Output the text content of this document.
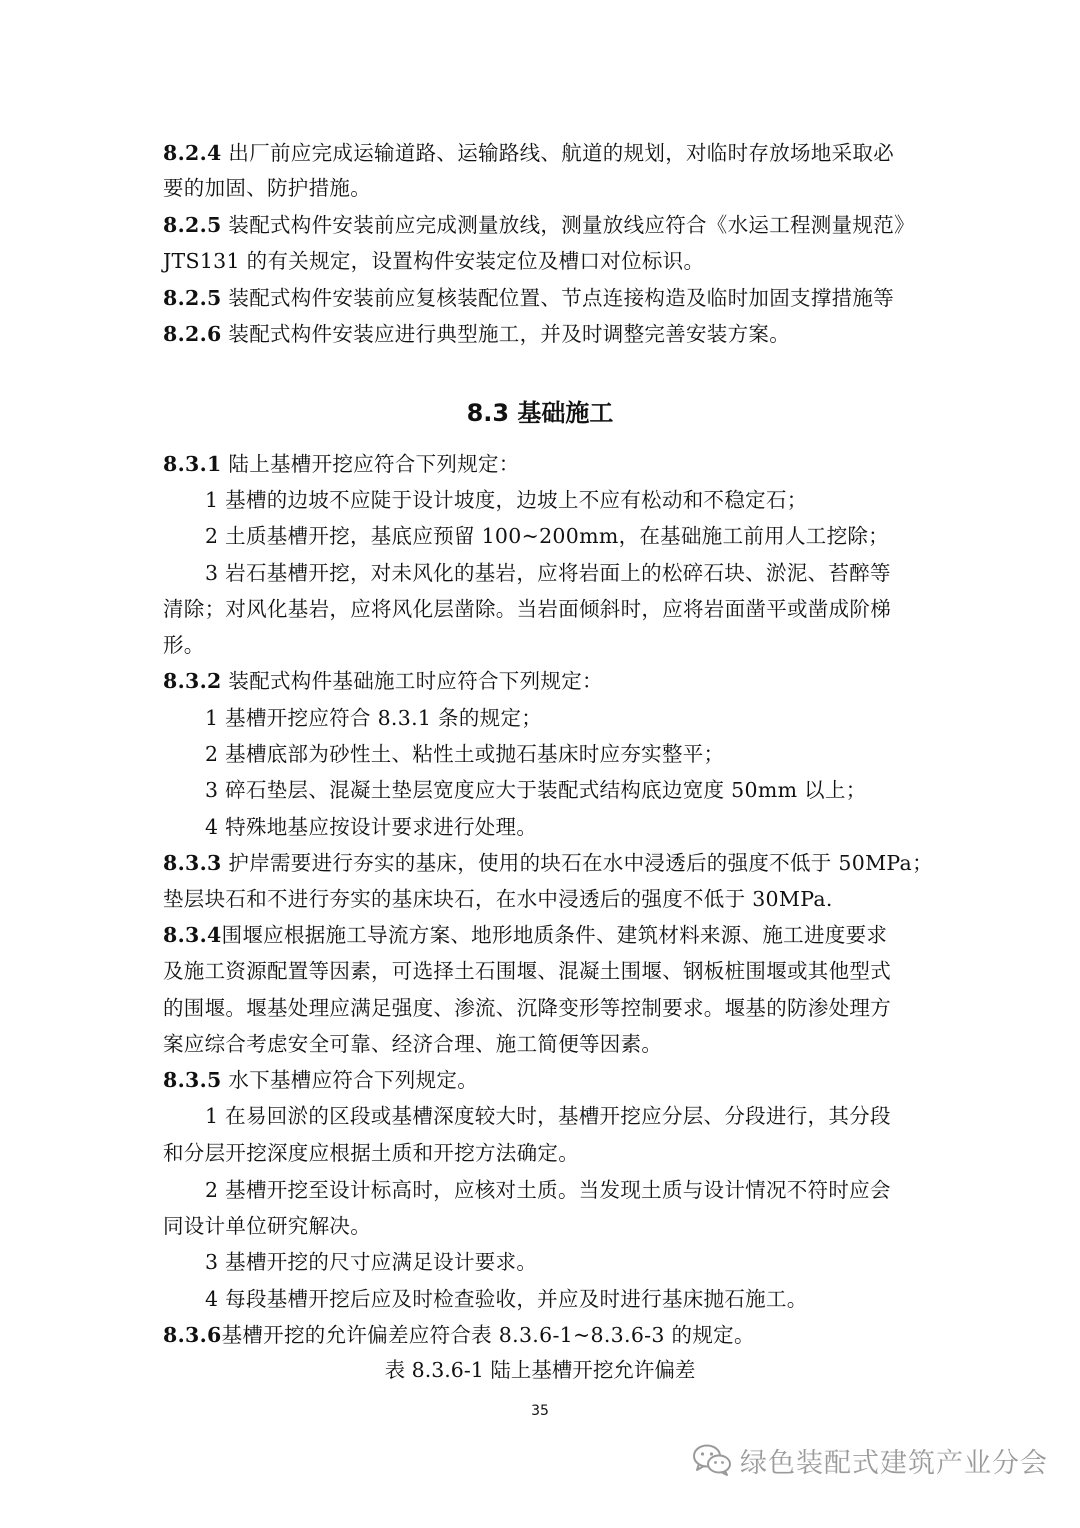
8.2.4 出厂前应完成运输道路、运输路线、航道的规划，对临时存放场地采取必
要的加固、防护措施。
8.2.5 装配式构件安装前应完成测量放线，测量放线应符合《水运工程测量规范》
JTS131 的有关规定，设置构件安装定位及槽口对位标识。
8.2.5 装配式构件安装前应复核装配位置、节点连接构造及临时加固支撑措施等
8.2.6 装配式构件安装应进行典型施工，并及时调整完善安装方案。
8.3 基础施工
8.3.1 陆上基槽开挖应符合下列规定：
1 基槽的边坡不应陡于设计坡度，边坡上不应有松动和不稳定石；
2 土质基槽开挖，基底应预留 100~200mm，在基础施工前用人工挖除；
3 岩石基槽开挖，对未风化的基岩，应将岩面上的松碎石块、淤泥、苔醉等
清除；对风化基岩，应将风化层凿除。当岩面倾斜时，应将岩面凿平或凿成阶梯
形。
8.3.2 装配式构件基础施工时应符合下列规定：
1 基槽开挖应符合 8.3.1 条的规定；
2 基槽底部为砂性土、粘性土或抛石基床时应夯实整平；
3 碎石垫层、混凝土垫层宽度应大于装配式结构底边宽度 50mm 以上；
4 特殊地基应按设计要求进行处理。
8.3.3 护岸需要进行夯实的基床，使用的块石在水中浸透后的强度不低于 50MPa；
垫层块石和不进行夯实的基床块石，在水中浸透后的强度不低于 30MPa.
8.3.4围堰应根据施工导流方案、地形地质条件、建筑材料来源、施工进度要求
及施工资源配置等因素，可选择土石围堰、混凝土围堰、钢板桩围堰或其他型式
的围堰。堰基处理应满足强度、渗流、沉降变形等控制要求。堰基的防渗处理方
案应综合考虑安全可靠、经济合理、施工简便等因素。
8.3.5 水下基槽应符合下列规定。
1 在易回淤的区段或基槽深度较大时，基槽开挖应分层、分段进行，其分段
和分层开挖深度应根据土质和开挖方法确定。
2 基槽开挖至设计标高时，应核对土质。当发现土质与设计情况不符时应会
同设计单位研究解决。
3 基槽开挖的尺寸应满足设计要求。
4 每段基槽开挖后应及时检查验收，并应及时进行基床抛石施工。
8.3.6基槽开挖的允许偏差应符合表 8.3.6-1~8.3.6-3 的规定。
表 8.3.6-1 陆上基槽开挖允许偏差
35
绿色装配式建筑产业分会
